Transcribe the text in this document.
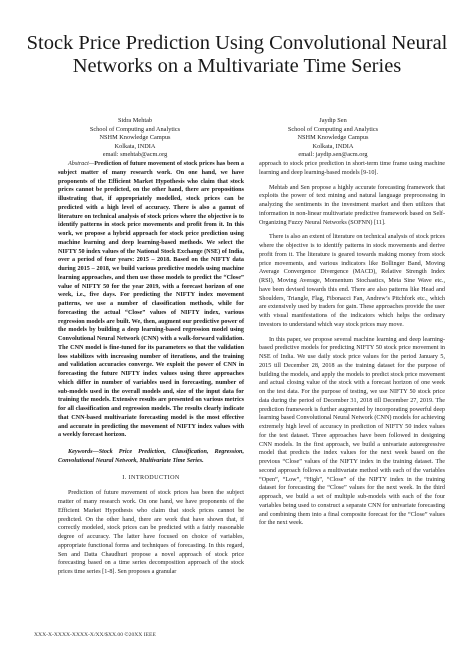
Stock Price Prediction Using Convolutional Neural Networks on a Multivariate Time Series
Sidra Mehtab
School of Computing and Analytics
NSHM Knowledge Campus
Kolkata, INDIA
email: smehtab@acm.org
Jaydip Sen
School of Computing and Analytics
NSHM Knowledge Campus
Kolkata, INDIA
email: jaydip.sen@acm.org

Abstract—Prediction of future movement of stock prices has been a subject matter of many research work. On one hand, we have proponents of the Efficient Market Hypothesis who claim that stock prices cannot be predicted, on the other hand, there are propositions illustrating that, if appropriately modelled, stock prices can be predicted with a high level of accuracy. There is also a gamut of literature on technical analysis of stock prices where the objective is to identify patterns in stock price movements and profit from it. In this work, we propose a hybrid approach for stock price prediction using machine learning and deep learning-based methods. We select the NIFTY 50 index values of the National Stock Exchange (NSE) of India, over a period of four years: 2015 – 2018. Based on the NIFTY data during 2015 – 2018, we build various predictive models using machine learning approaches, and then use those models to predict the “Close” value of NIFTY 50 for the year 2019, with a forecast horizon of one week, i.e., five days. For predicting the NIFTY index movement patterns, we use a number of classification methods, while for forecasting the actual “Close” values of NIFTY index, various regression models are built. We, then, augment our predictive power of the models by building a deep learning-based regression model using Convolutional Neural Network (CNN) with a walk-forward validation. The CNN model is fine-tuned for its parameters so that the validation loss stabilizes with increasing number of iterations, and the training and validation accuracies converge. We exploit the power of CNN in forecasting the future NIFTY index values using three approaches which differ in number of variables used in forecasting, number of sub-models used in the overall models and, size of the input data for training the models. Extensive results are presented on various metrics for all classification and regression models. The results clearly indicate that CNN-based multivariate forecasting model is the most effective and accurate in predicting the movement of NIFTY index values with a weekly forecast horizon.

Keywords—Stock Price Prediction, Classification, Regression, Convolutional Neural Network, Multivariate Time Series.

I. INTRODUCTION

Prediction of future movement of stock prices has been the subject matter of many research work. On one hand, we have proponents of the Efficient Market Hypothesis who claim that stock prices cannot be predicted. On the other hand, there are work that have shown that, if correctly modeled, stock prices can be predicted with a fairly reasonable degree of accuracy. The latter have focused on choice of variables, appropriate functional forms and techniques of forecasting. In this regard, Sen and Datta Chaudhuri propose a novel approach of stock price forecasting based on a time series decomposition approach of the stock prices time series [1-8]. Sen proposes a granular

approach to stock price prediction in short-term time frame using machine learning and deep learning-based models [9-10].

Mehtab and Sen propose a highly accurate forecasting framework that exploits the power of text mining and natural language preprocessing in analyzing the sentiments in the investment market and then utilizes that information in non-linear multivariate predictive framework based on Self-Organizing Fuzzy Neural Networks (SOFNN) [11].

There is also an extent of literature on technical analysis of stock prices where the objective is to identify patterns in stock movements and derive profit from it. The literature is geared towards making money from stock price movements, and various indicators like Bollinger Band, Moving Average Convergence Divergence (MACD), Relative Strength Index (RSI), Moving Average, Momentum Stochastics, Meta Sine Wave etc., have been devised towards this end. There are also patterns like Head and Shoulders, Triangle, Flag, Fibonacci Fan, Andrew’s Pitchfork etc., which are extensively used by traders for gain. These approaches provide the user with visual manifestations of the indicators which helps the ordinary investors to understand which way stock prices may move.

In this paper, we propose several machine learning and deep learning-based predictive models for predicting NIFTY 50 stock price movement in NSE of India. We use daily stock price values for the period January 5, 2015 till December 28, 2018 as the training dataset for the purpose of building the models, and apply the models to predict stock price movement and actual closing value of the stock with a forecast horizon of one week on the test data. For the purpose of testing, we use NIFTY 50 stock price data during the period of December 31, 2018 till December 27, 2019. The prediction framework is further augmented by incorporating powerful deep learning based Convolutional Neural Network (CNN) models for achieving extremely high level of accuracy in prediction of NIFTY 50 index values for the test dataset. Three approaches have been followed in designing CNN models. In the first approach, we build a univariate autoregressive model that predicts the index values for the next week based on the previous “Close” values of the NIFTY index in the training dataset. The second approach follows a multivariate method with each of the variables “Open”, “Low”, “High”, “Close” of the NIFTY index in the training dataset for forecasting the “Close” values for the next week. In the third approach, we build a set of multiple sub-models with each of the four variables being used to construct a separate CNN for univariate forecasting and combining them into a final composite forecast for the “Close” values for the next week.

XXX-X-XXXX-XXXX-X/XX/$XX.00 ©20XX IEEE
